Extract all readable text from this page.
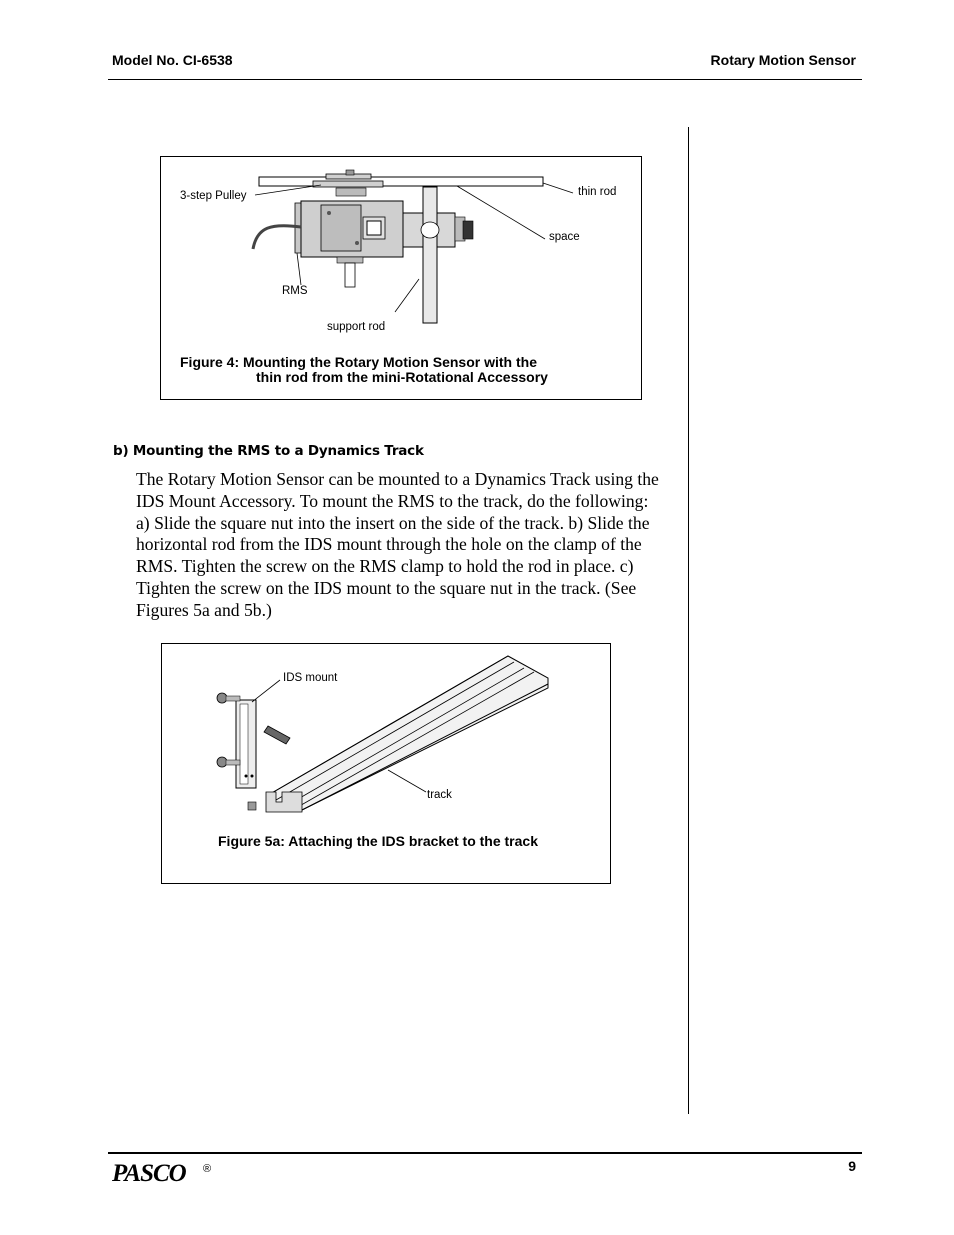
Model No. CI-6538	Rotary Motion Sensor
3-step Pulley	thin rod
space
RMS
support rod
Figure 4: Mounting the Rotary Motion Sensor with the
thin rod from the mini-Rotational Accessory
b) Mounting the RMS to a Dynamics Track
The Rotary Motion Sensor can be mounted to a Dynamics Track using the IDS Mount Accessory. To mount the RMS to the track, do the following: a) Slide the square nut into the insert on the side of the track. b) Slide the horizontal rod from the IDS mount through the hole on the clamp of the RMS. Tighten the screw on the RMS clamp to hold the rod in place. c) Tighten the screw on the IDS mount to the square nut in the track. (See Figures 5a and 5b.)
IDS mount
track
Figure 5a: Attaching the IDS bracket to the track
PASCO ®	9
